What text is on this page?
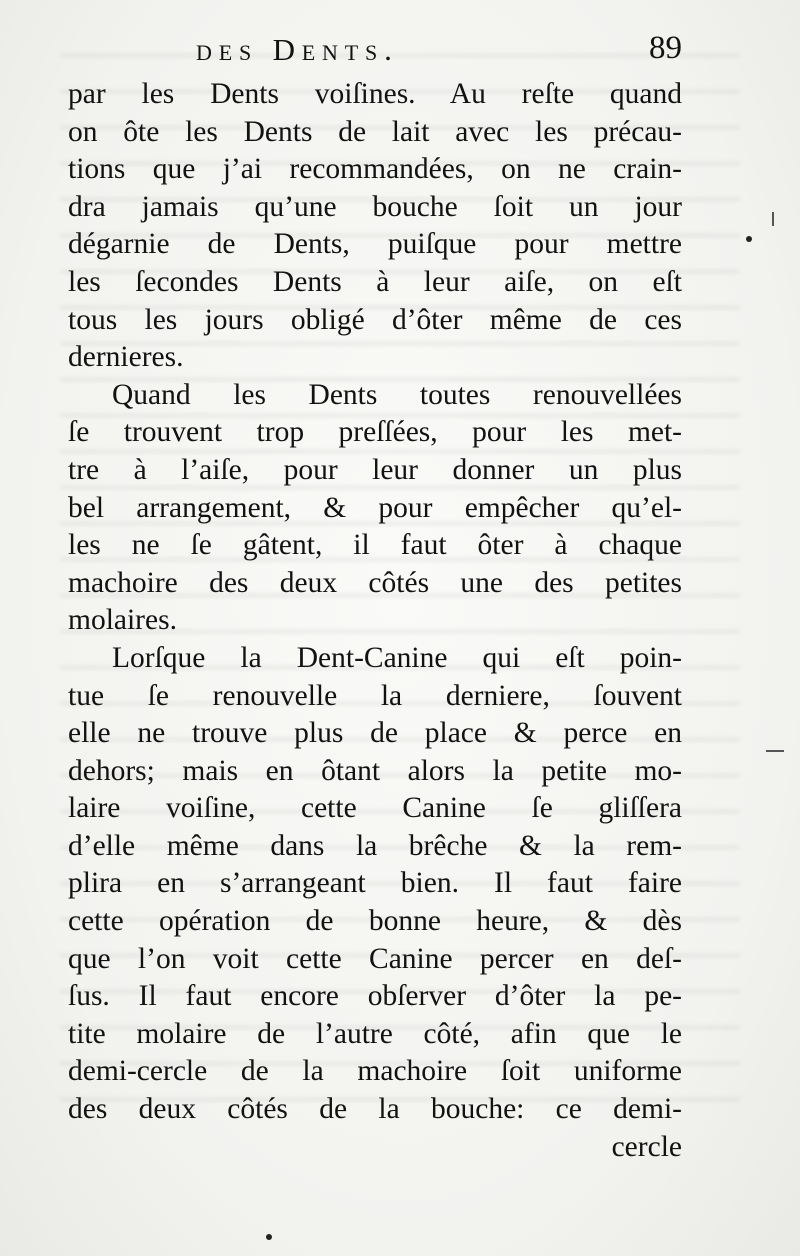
des Dents.	89
par les Dents voiſines. Au reſte quand
on ôte les Dents de lait avec les précau-
tions que j’ai recommandées, on ne crain-
dra jamais qu’une bouche ſoit un jour
dégarnie de Dents, puiſque pour mettre
les ſecondes Dents à leur aiſe, on eſt
tous les jours obligé d’ôter même de ces
dernieres.
Quand les Dents toutes renouvellées
ſe trouvent trop preſſées, pour les met-
tre à l’aiſe, pour leur donner un plus
bel arrangement, & pour empêcher qu’el-
les ne ſe gâtent, il faut ôter à chaque
machoire des deux côtés une des petites
molaires.
Lorſque la Dent-Canine qui eſt poin-
tue ſe renouvelle la derniere, ſouvent
elle ne trouve plus de place & perce en
dehors; mais en ôtant alors la petite mo-
laire voiſine, cette Canine ſe gliſſera
d’elle même dans la brêche & la rem-
plira en s’arrangeant bien. Il faut faire
cette opération de bonne heure, & dès
que l’on voit cette Canine percer en deſ-
ſus. Il faut encore obſerver d’ôter la pe-
tite molaire de l’autre côté, afin que le
demi-cercle de la machoire ſoit uniforme
des deux côtés de la bouche: ce demi-
cercle
